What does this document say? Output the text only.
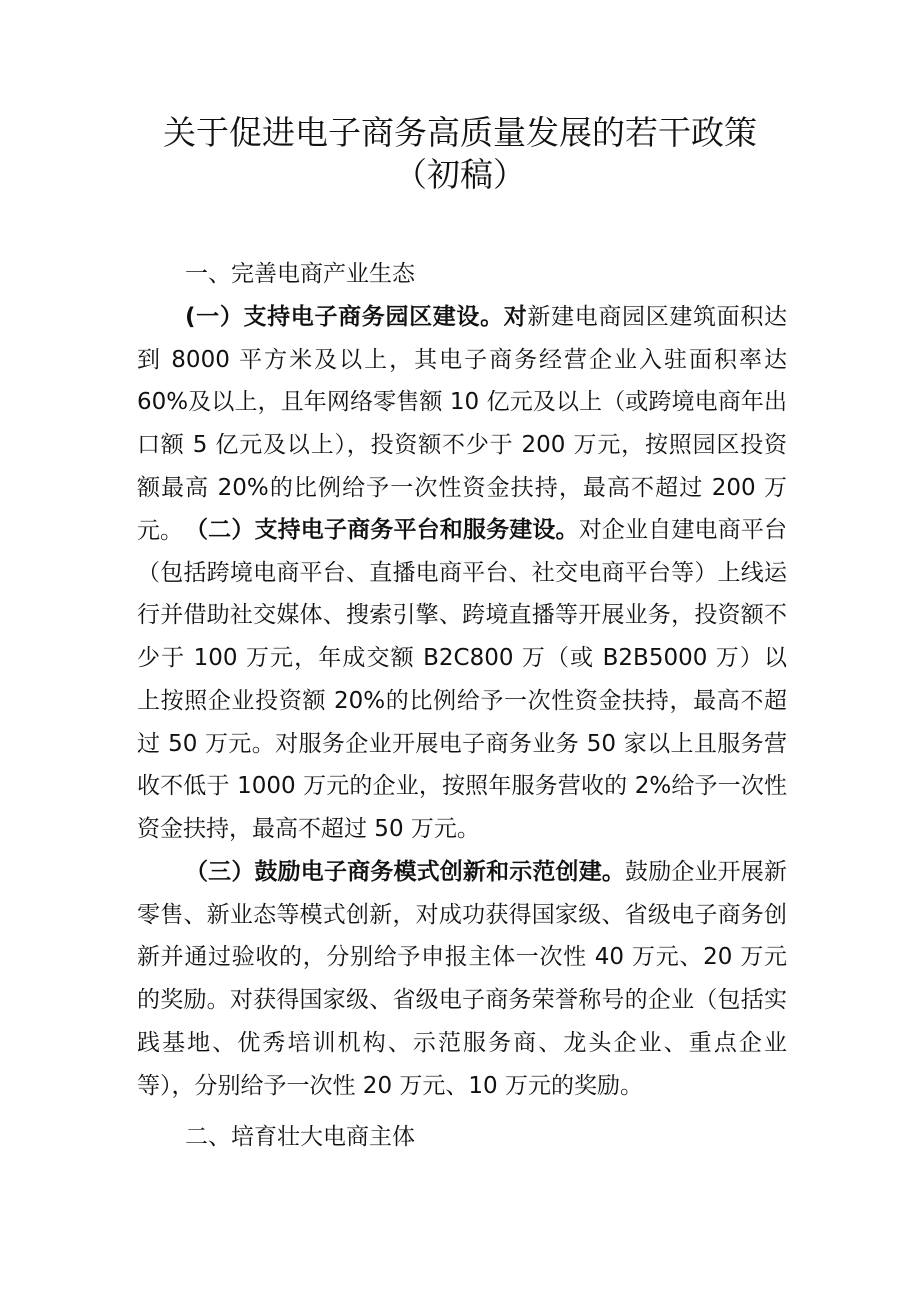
关于促进电子商务高质量发展的若干政策
（初稿）
一、完善电商产业生态
(一）支持电子商务园区建设。对新建电商园区建筑面积达到 8000 平方米及以上，其电子商务经营企业入驻面积率达 60%及以上，且年网络零售额 10 亿元及以上（或跨境电商年出口额 5 亿元及以上），投资额不少于 200 万元，按照园区投资额最高 20%的比例给予一次性资金扶持，最高不超过 200 万元。 （二）支持电子商务平台和服务建设。对企业自建电商平台（包括跨境电商平台、直播电商平台、社交电商平台等）上线运行并借助社交媒体、搜索引擎、跨境直播等开展业务，投资额不少于 100 万元，年成交额 B2C800 万（或 B2B5000 万）以上按照企业投资额 20%的比例给予一次性资金扶持，最高不超过 50 万元。对服务企业开展电子商务业务 50 家以上且服务营收不低于 1000 万元的企业，按照年服务营收的 2%给予一次性资金扶持，最高不超过 50 万元。
（三）鼓励电子商务模式创新和示范创建。鼓励企业开展新零售、新业态等模式创新，对成功获得国家级、省级电子商务创新并通过验收的，分别给予申报主体一次性 40 万元、20 万元的奖励。对获得国家级、省级电子商务荣誉称号的企业（包括实践基地、优秀培训机构、示范服务商、龙头企业、重点企业等），分别给予一次性 20 万元、10 万元的奖励。
二、培育壮大电商主体
